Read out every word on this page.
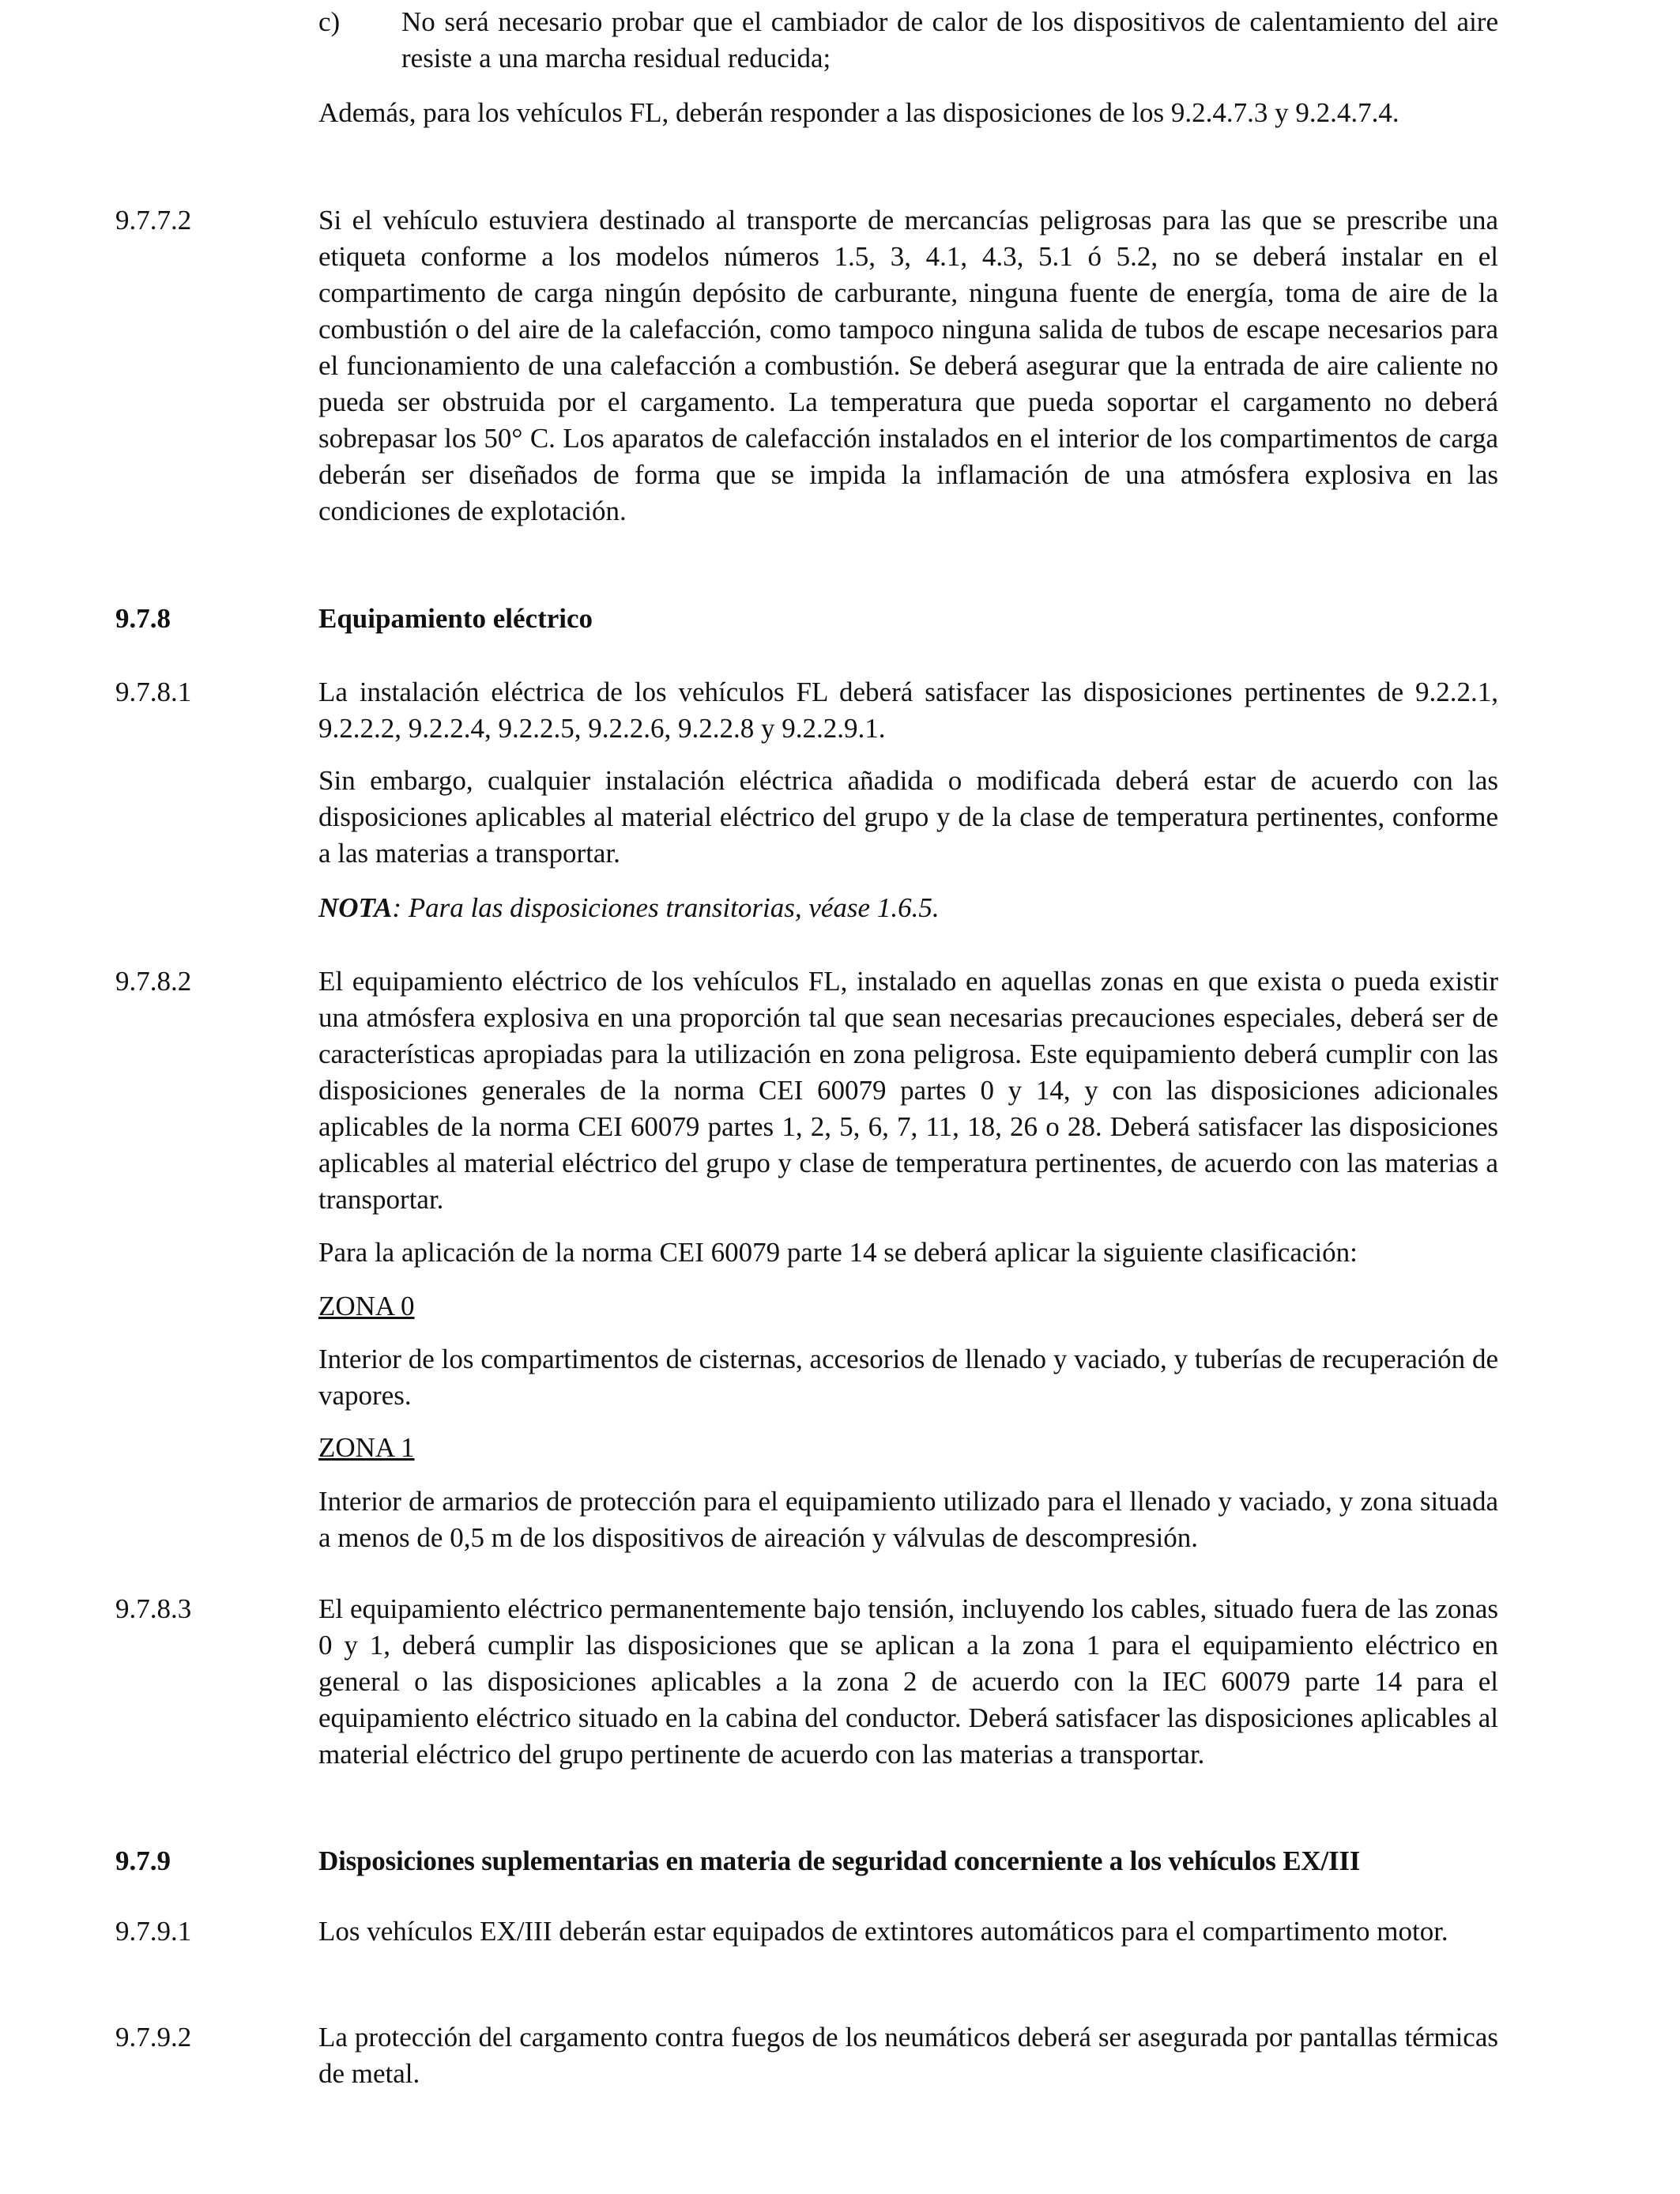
c) No será necesario probar que el cambiador de calor de los dispositivos de calentamiento del aire resiste a una marcha residual reducida;

Además, para los vehículos FL, deberán responder a las disposiciones de los 9.2.4.7.3 y 9.2.4.7.4.

9.7.7.2	Si el vehículo estuviera destinado al transporte de mercancías peligrosas para las que se prescribe una etiqueta conforme a los modelos números 1.5, 3, 4.1, 4.3, 5.1 ó 5.2, no se deberá instalar en el compartimento de carga ningún depósito de carburante, ninguna fuente de energía, toma de aire de la combustión o del aire de la calefacción, como tampoco ninguna salida de tubos de escape necesarios para el funcionamiento de una calefacción a combustión. Se deberá asegurar que la entrada de aire caliente no pueda ser obstruida por el cargamento. La temperatura que pueda soportar el cargamento no deberá sobrepasar los 50° C. Los aparatos de calefacción instalados en el interior de los compartimentos de carga deberán ser diseñados de forma que se impida la inflamación de una atmósfera explosiva en las condiciones de explotación.

9.7.8	Equipamiento eléctrico
9.7.8.1	La instalación eléctrica de los vehículos FL deberá satisfacer las disposiciones pertinentes de 9.2.2.1, 9.2.2.2, 9.2.2.4, 9.2.2.5, 9.2.2.6, 9.2.2.8 y 9.2.2.9.1.

Sin embargo, cualquier instalación eléctrica añadida o modificada deberá estar de acuerdo con las disposiciones aplicables al material eléctrico del grupo y de la clase de temperatura pertinentes, conforme a las materias a transportar.

NOTA: Para las disposiciones transitorias, véase 1.6.5.

9.7.8.2	El equipamiento eléctrico de los vehículos FL, instalado en aquellas zonas en que exista o pueda existir una atmósfera explosiva en una proporción tal que sean necesarias precauciones especiales, deberá ser de características apropiadas para la utilización en zona peligrosa. Este equipamiento deberá cumplir con las disposiciones generales de la norma CEI 60079 partes 0 y 14, y con las disposiciones adicionales aplicables de la norma CEI 60079 partes 1, 2, 5, 6, 7, 11, 18, 26 o 28. Deberá satisfacer las disposiciones aplicables al material eléctrico del grupo y clase de temperatura pertinentes, de acuerdo con las materias a transportar.

Para la aplicación de la norma CEI 60079 parte 14 se deberá aplicar la siguiente clasificación:

ZONA 0

Interior de los compartimentos de cisternas, accesorios de llenado y vaciado, y tuberías de recuperación de vapores.

ZONA 1

Interior de armarios de protección para el equipamiento utilizado para el llenado y vaciado, y zona situada a menos de 0,5 m de los dispositivos de aireación y válvulas de descompresión.

9.7.8.3	El equipamiento eléctrico permanentemente bajo tensión, incluyendo los cables, situado fuera de las zonas 0 y 1, deberá cumplir las disposiciones que se aplican a la zona 1 para el equipamiento eléctrico en general o las disposiciones aplicables a la zona 2 de acuerdo con la IEC 60079 parte 14 para el equipamiento eléctrico situado en la cabina del conductor. Deberá satisfacer las disposiciones aplicables al material eléctrico del grupo pertinente de acuerdo con las materias a transportar.

9.7.9	Disposiciones suplementarias en materia de seguridad concerniente a los vehículos EX/III
9.7.9.1	Los vehículos EX/III deberán estar equipados de extintores automáticos para el compartimento motor.

9.7.9.2	La protección del cargamento contra fuegos de los neumáticos deberá ser asegurada por pantallas térmicas de metal.
